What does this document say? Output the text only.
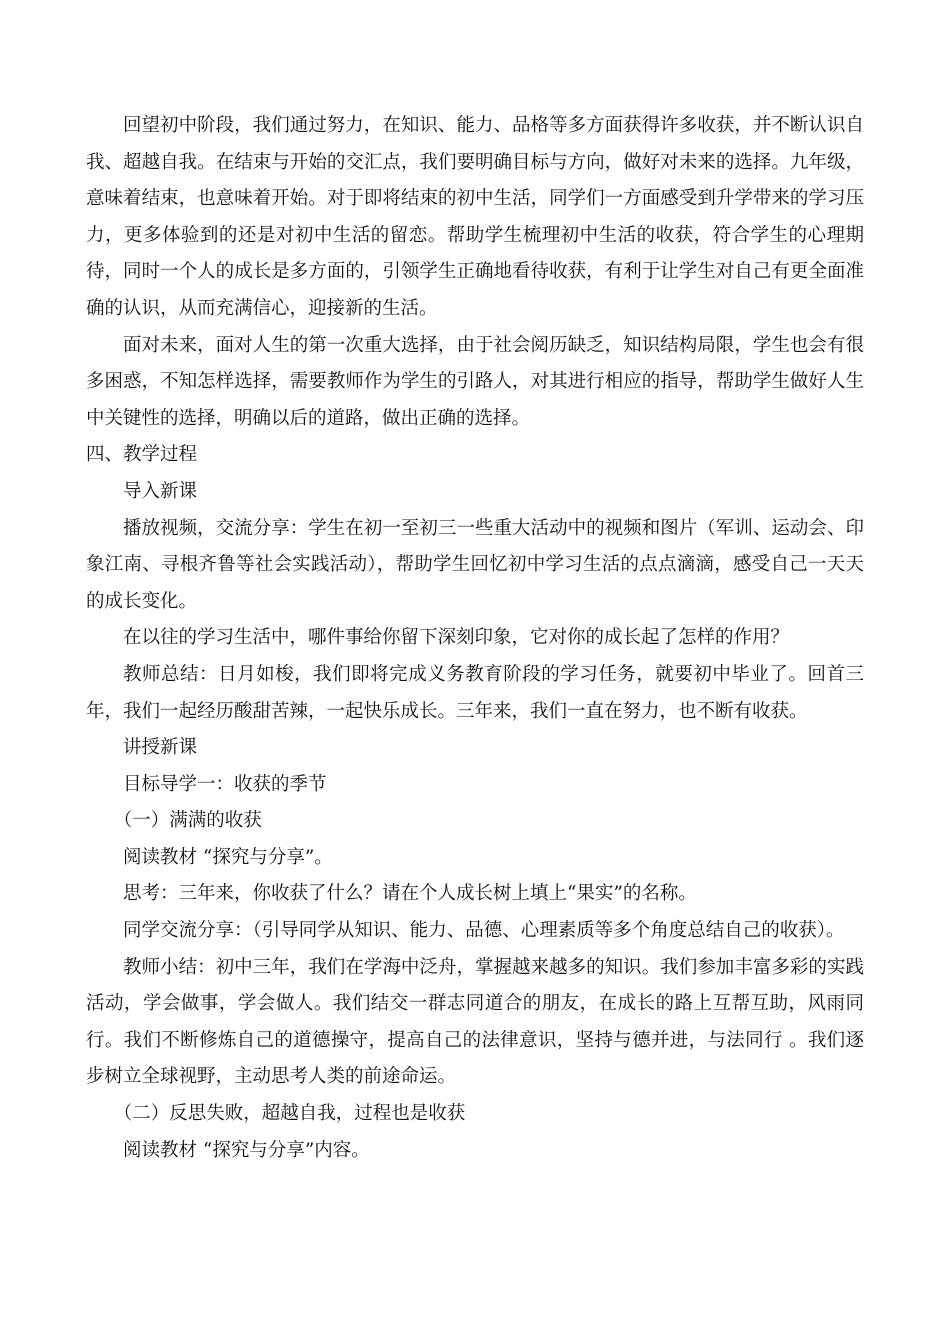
回望初中阶段，我们通过努力，在知识、能力、品格等多方面获得许多收获，并不断认识自我、超越自我。在结束与开始的交汇点，我们要明确目标与方向，做好对未来的选择。九年级，意味着结束，也意味着开始。对于即将结束的初中生活，同学们一方面感受到升学带来的学习压力，更多体验到的还是对初中生活的留恋。帮助学生梳理初中生活的收获，符合学生的心理期待，同时一个人的成长是多方面的，引领学生正确地看待收获，有利于让学生对自己有更全面准确的认识，从而充满信心，迎接新的生活。

面对未来，面对人生的第一次重大选择，由于社会阅历缺乏，知识结构局限，学生也会有很多困惑，不知怎样选择，需要教师作为学生的引路人，对其进行相应的指导，帮助学生做好人生中关键性的选择，明确以后的道路，做出正确的选择。

四、教学过程

导入新课

播放视频，交流分享：学生在初一至初三一些重大活动中的视频和图片（军训、运动会、印象江南、寻根齐鲁等社会实践活动），帮助学生回忆初中学习生活的点点滴滴，感受自己一天天的成长变化。

在以往的学习生活中，哪件事给你留下深刻印象，它对你的成长起了怎样的作用？

教师总结：日月如梭，我们即将完成义务教育阶段的学习任务，就要初中毕业了。回首三年，我们一起经历酸甜苦辣，一起快乐成长。三年来，我们一直在努力，也不断有收获。

讲授新课

目标导学一：收获的季节

（一）满满的收获

阅读教材 “探究与分享”。

思考：三年来，你收获了什么？请在个人成长树上填上“果实”的名称。

同学交流分享：（引导同学从知识、能力、品德、心理素质等多个角度总结自己的收获）。

教师小结：初中三年，我们在学海中泛舟，掌握越来越多的知识。我们参加丰富多彩的实践活动，学会做事，学会做人。我们结交一群志同道合的朋友，在成长的路上互帮互助，风雨同行。我们不断修炼自己的道德操守，提高自己的法律意识，坚持与德并进，与法同行 。我们逐步树立全球视野，主动思考人类的前途命运。

（二）反思失败，超越自我，过程也是收获

阅读教材 “探究与分享”内容。
